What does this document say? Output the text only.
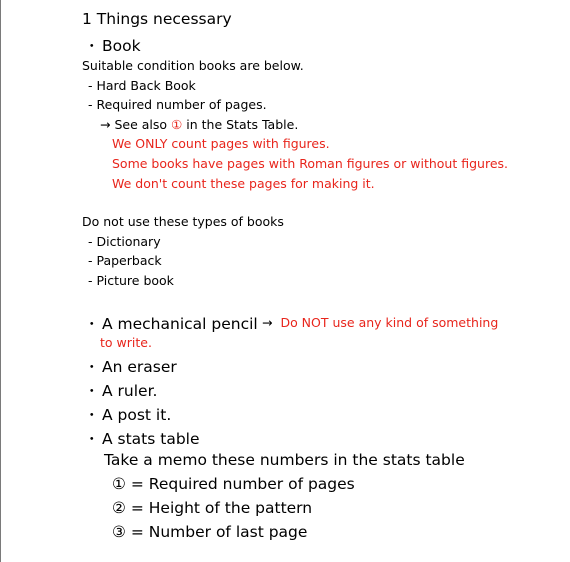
1 Things necessary
・ Book
Suitable condition books are below.
- Hard Back Book
- Required number of pages.
→ See also ① in the Stats Table.
We ONLY count pages with figures.
Some books have pages with Roman figures or without figures.
We don't count these pages for making it.
Do not use these types of books
- Dictionary
- Paperback
- Picture book
・ A mechanical pencil → Do NOT use any kind of something
to write.
・ An eraser
・ A ruler.
・ A post it.
・ A stats table
Take a memo these numbers in the stats table
① = Required number of pages
② = Height of the pattern
③ = Number of last page
